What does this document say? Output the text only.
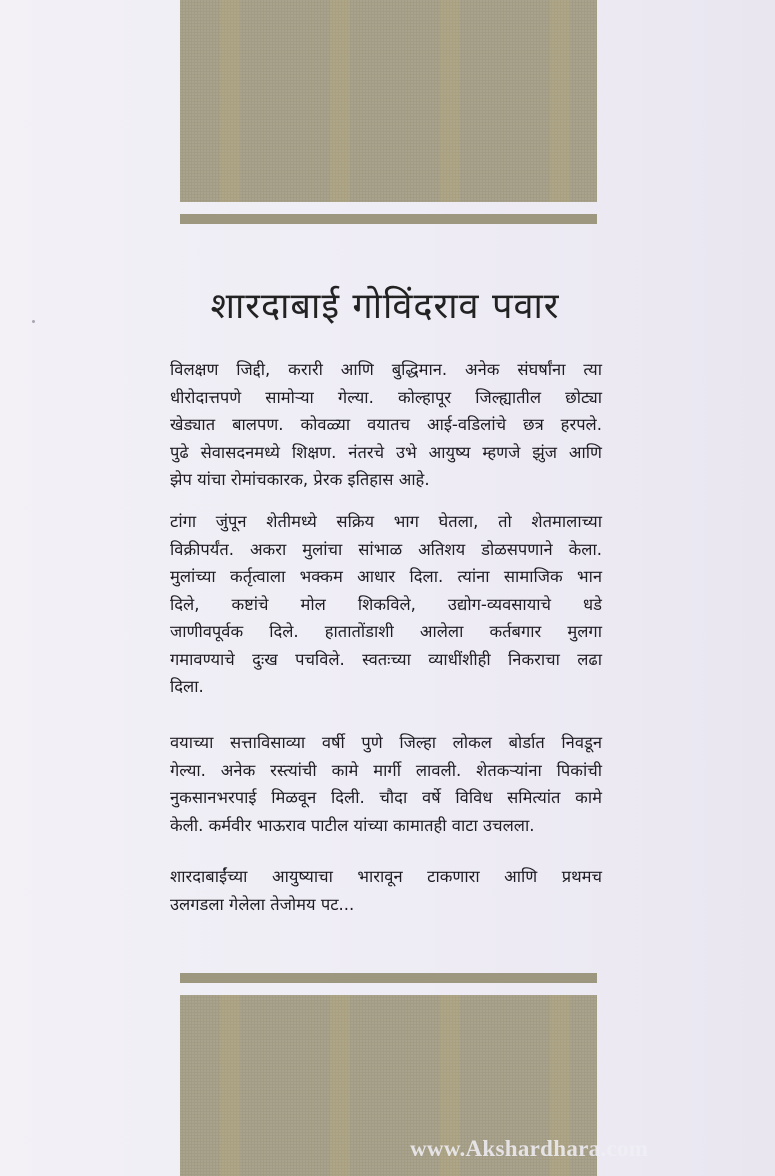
शारदाबाई गोविंदराव पवार
विलक्षण जिद्दी, करारी आणि बुद्धिमान. अनेक संघर्षांना त्या
धीरोदात्तपणे सामोऱ्या गेल्या. कोल्हापूर जिल्ह्यातील छोट्या
खेड्यात बालपण. कोवळ्या वयातच आई-वडिलांचे छत्र हरपले.
पुढे सेवासदनमध्ये शिक्षण. नंतरचे उभे आयुष्य म्हणजे झुंज आणि
झेप यांचा रोमांचकारक, प्रेरक इतिहास आहे.
टांगा जुंपून शेतीमध्ये सक्रिय भाग घेतला, तो शेतमालाच्या
विक्रीपर्यंत. अकरा मुलांचा सांभाळ अतिशय डोळसपणाने केला.
मुलांच्या कर्तृत्वाला भक्कम आधार दिला. त्यांना सामाजिक भान
दिले, कष्टांचे मोल शिकविले, उद्योग-व्यवसायाचे धडे
जाणीवपूर्वक दिले. हातातोंडाशी आलेला कर्तबगार मुलगा
गमावण्याचे दुःख पचविले. स्वतःच्या व्याधींशीही निकराचा लढा
दिला.
वयाच्या सत्ताविसाव्या वर्षी पुणे जिल्हा लोकल बोर्डात निवडून
गेल्या. अनेक रस्त्यांची कामे मार्गी लावली. शेतकऱ्यांना पिकांची
नुकसानभरपाई मिळवून दिली. चौदा वर्षे विविध समित्यांत कामे
केली. कर्मवीर भाऊराव पाटील यांच्या कामातही वाटा उचलला.
शारदाबाईंच्या आयुष्याचा भारावून टाकणारा आणि प्रथमच
उलगडला गेलेला तेजोमय पट...
www.Akshardhara.com
